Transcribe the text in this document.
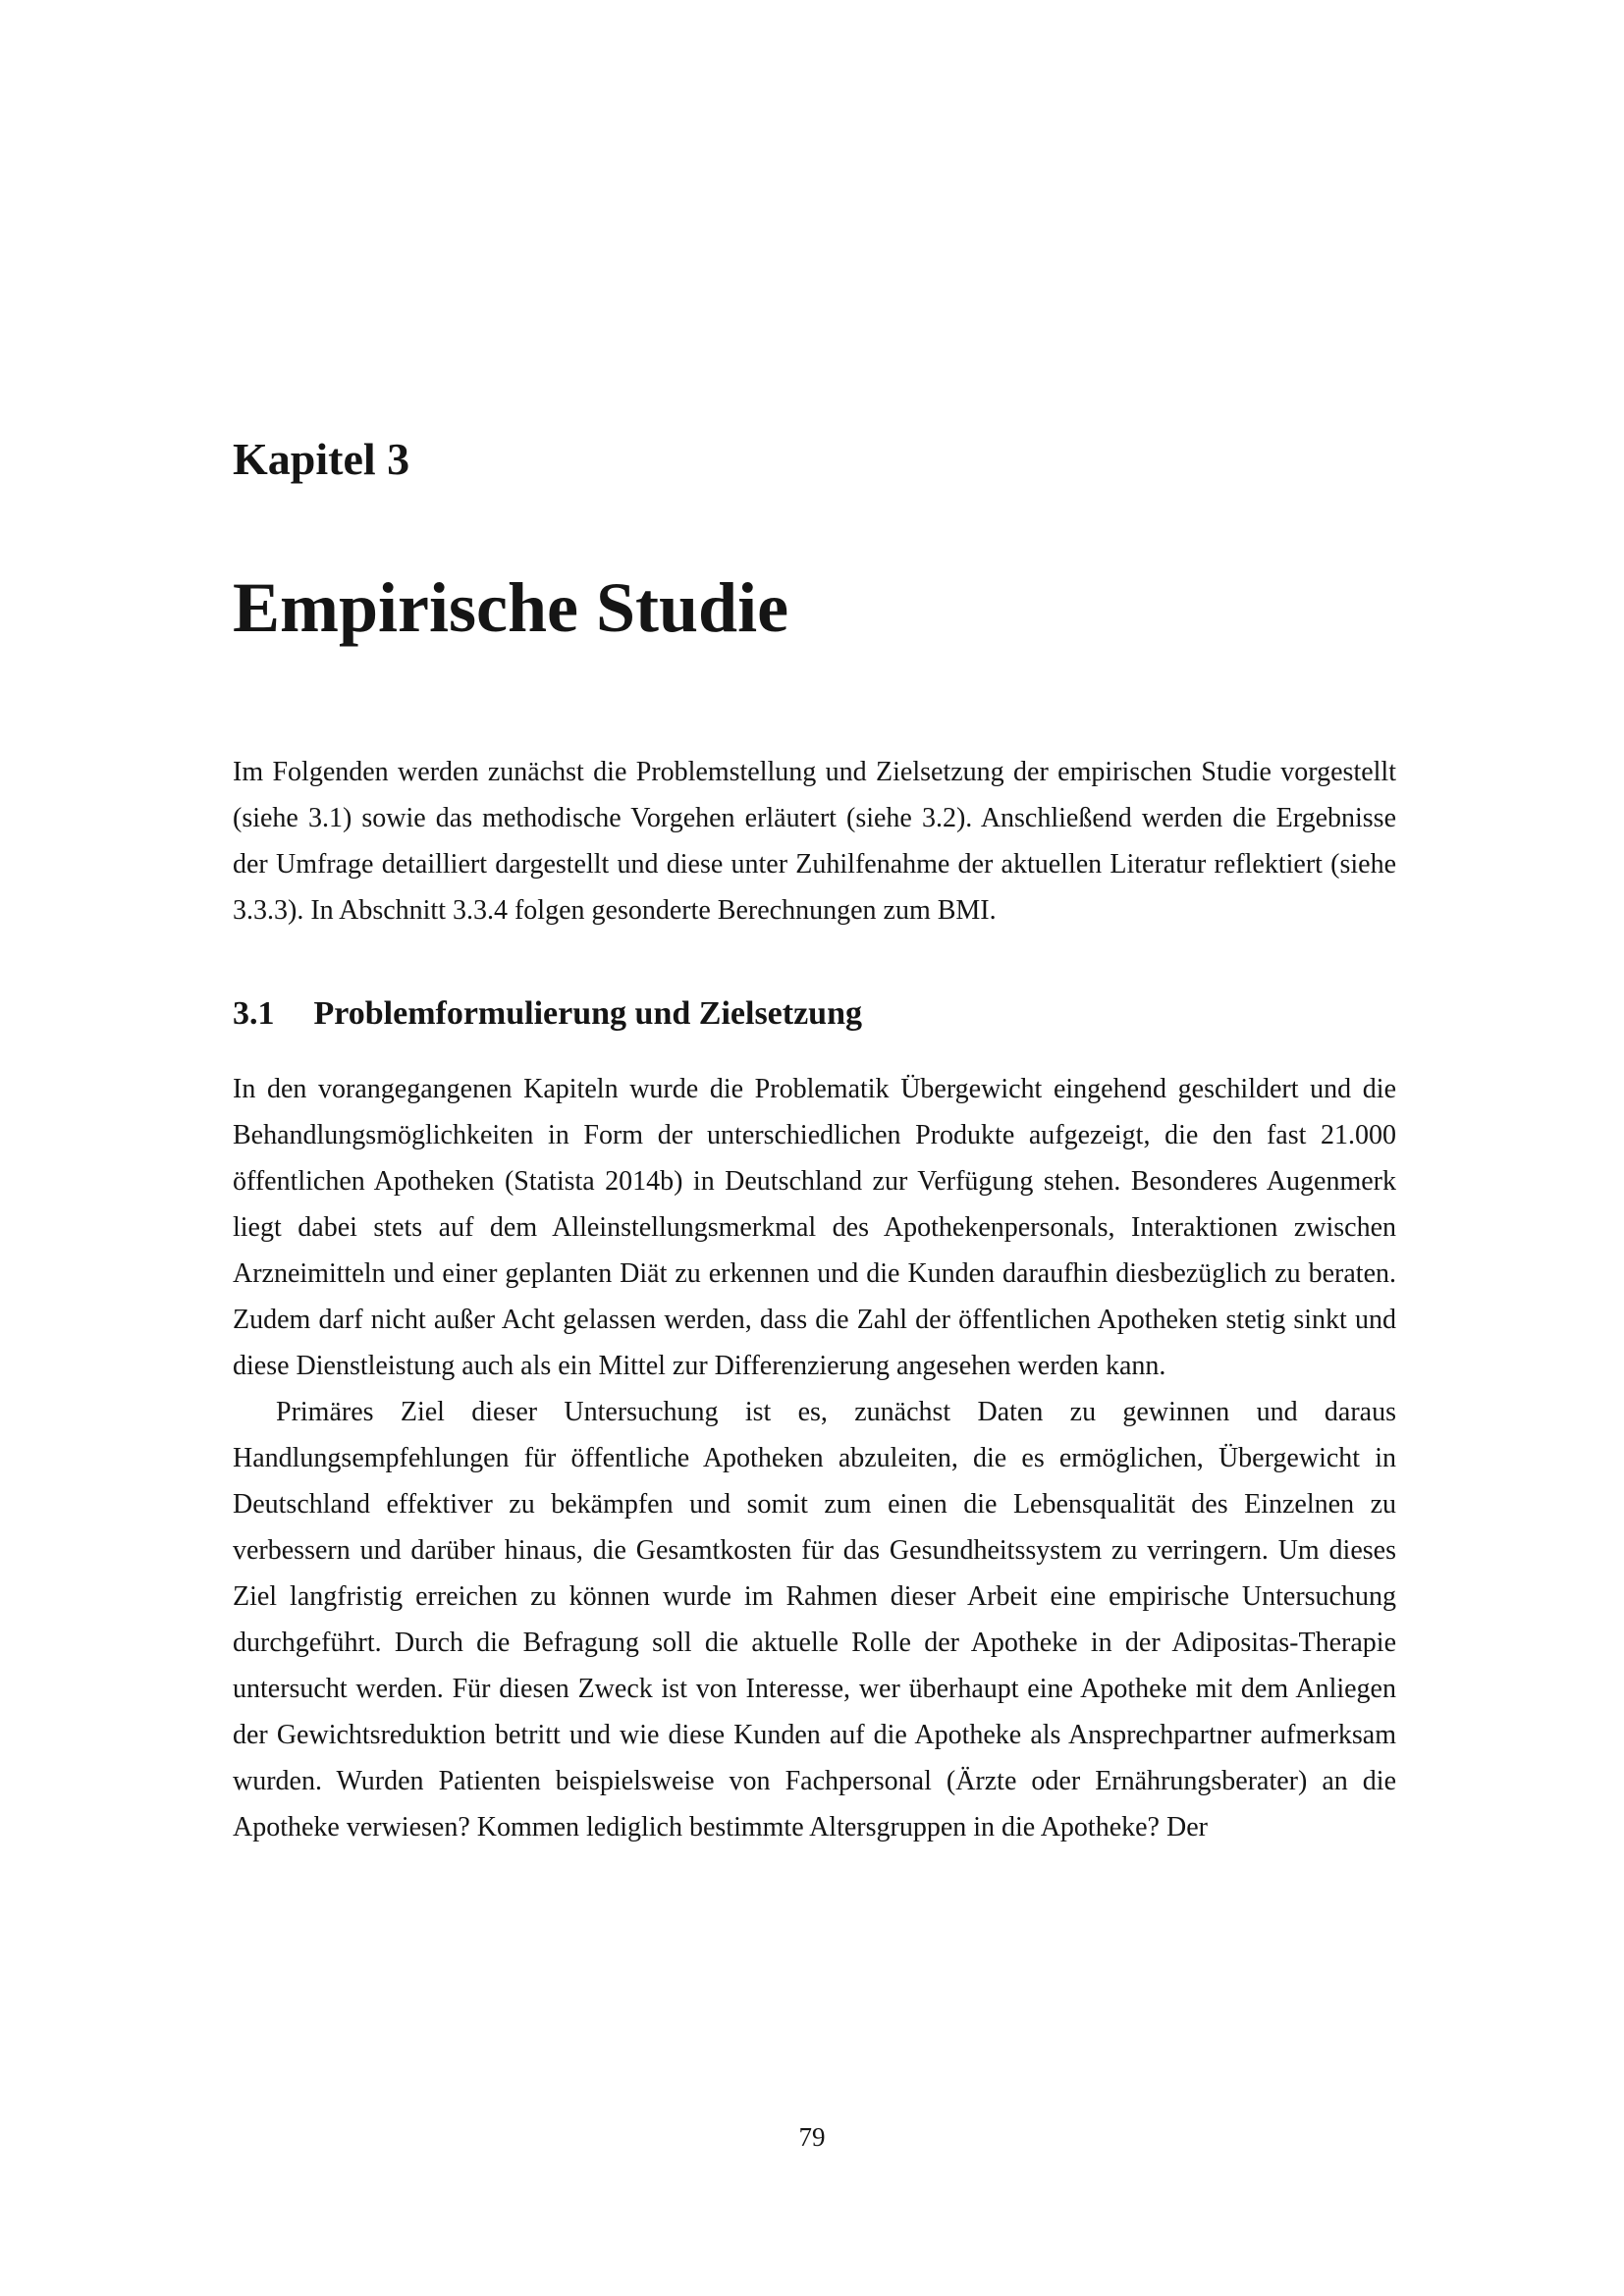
Kapitel 3
Empirische Studie

Im Folgenden werden zunächst die Problemstellung und Zielsetzung der empirischen Studie vorgestellt (siehe 3.1) sowie das methodische Vorgehen erläutert (siehe 3.2). Anschließend werden die Ergebnisse der Umfrage detailliert dargestellt und diese unter Zuhilfenahme der aktuellen Literatur reflektiert (siehe 3.3.3). In Abschnitt 3.3.4 folgen gesonderte Berechnungen zum BMI.

3.1 Problemformulierung und Zielsetzung

In den vorangegangenen Kapiteln wurde die Problematik Übergewicht eingehend geschildert und die Behandlungsmöglichkeiten in Form der unterschiedlichen Produkte aufgezeigt, die den fast 21.000 öffentlichen Apotheken (Statista 2014b) in Deutschland zur Verfügung stehen. Besonderes Augenmerk liegt dabei stets auf dem Alleinstellungsmerkmal des Apothekenpersonals, Interaktionen zwischen Arzneimitteln und einer geplanten Diät zu erkennen und die Kunden daraufhin diesbezüglich zu beraten. Zudem darf nicht außer Acht gelassen werden, dass die Zahl der öffentlichen Apotheken stetig sinkt und diese Dienstleistung auch als ein Mittel zur Differenzierung angesehen werden kann.

Primäres Ziel dieser Untersuchung ist es, zunächst Daten zu gewinnen und daraus Handlungsempfehlungen für öffentliche Apotheken abzuleiten, die es ermöglichen, Übergewicht in Deutschland effektiver zu bekämpfen und somit zum einen die Lebensqualität des Einzelnen zu verbessern und darüber hinaus, die Gesamtkosten für das Gesundheitssystem zu verringern. Um dieses Ziel langfristig erreichen zu können wurde im Rahmen dieser Arbeit eine empirische Untersuchung durchgeführt. Durch die Befragung soll die aktuelle Rolle der Apotheke in der Adipositas-Therapie untersucht werden. Für diesen Zweck ist von Interesse, wer überhaupt eine Apotheke mit dem Anliegen der Gewichtsreduktion betritt und wie diese Kunden auf die Apotheke als Ansprechpartner aufmerksam wurden. Wurden Patienten beispielsweise von Fachpersonal (Ärzte oder Ernährungsberater) an die Apotheke verwiesen? Kommen lediglich bestimmte Altersgruppen in die Apotheke? Der

79
